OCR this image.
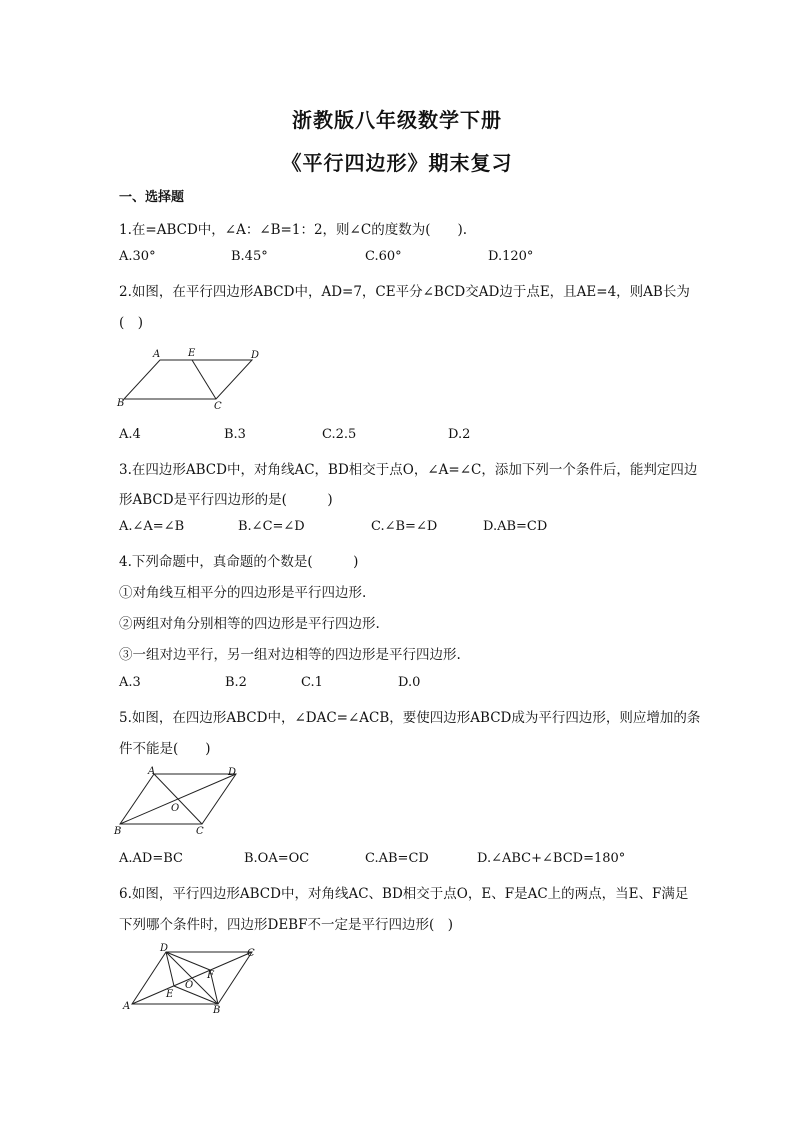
浙教版八年级数学下册
《平行四边形》期末复习
一、选择题
1.在=ABCD中，∠A：∠B=1：2，则∠C的度数为(　　).
A.30°	B.45°	C.60°	D.120°
2.如图，在平行四边形ABCD中，AD=7，CE平分∠BCD交AD边于点E，且AE=4，则AB长为
(　)
A	E	D
B	C
A.4	B.3	C.2.5	D.2
3.在四边形ABCD中，对角线AC，BD相交于点O，∠A=∠C，添加下列一个条件后，能判定四边
形ABCD是平行四边形的是(　　　)
A.∠A=∠B	B.∠C=∠D	C.∠B=∠D	D.AB=CD
4.下列命题中，真命题的个数是(　　　)
①对角线互相平分的四边形是平行四边形.
②两组对角分别相等的四边形是平行四边形.
③一组对边平行，另一组对边相等的四边形是平行四边形.
A.3	B.2	C.1	D.0
5.如图，在四边形ABCD中，∠DAC=∠ACB，要使四边形ABCD成为平行四边形，则应增加的条
件不能是(　　)
A	D
O
B	C
A.AD=BC	B.OA=OC	C.AB=CD	D.∠ABC+∠BCD=180°
6.如图，平行四边形ABCD中，对角线AC、BD相交于点O，E、F是AC上的两点，当E、F满足
下列哪个条件时，四边形DEBF不一定是平行四边形(　)
D	C
F
O
E
A	B
